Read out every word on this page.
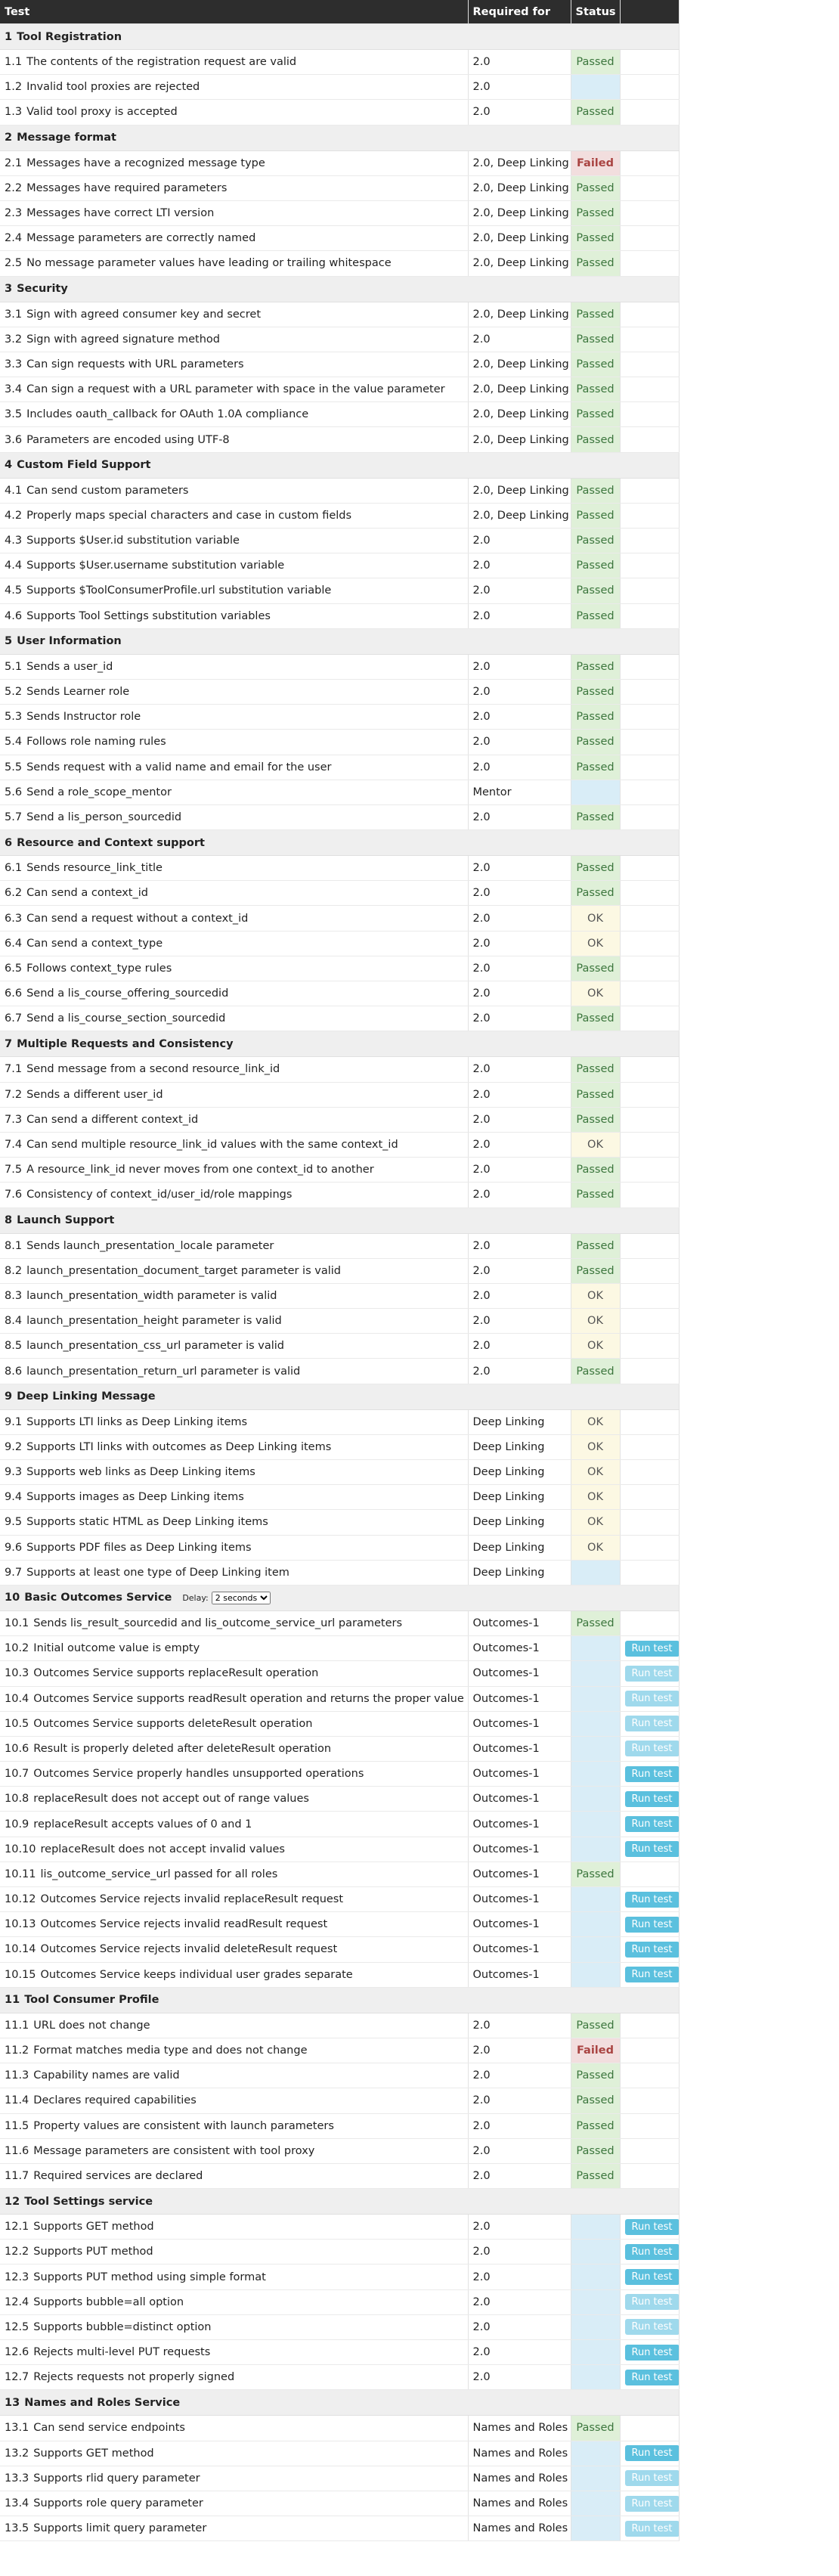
Test	Required for	Status	
1 Tool Registration			
1.1 The contents of the registration request are valid	2.0	Passed	
1.2 Invalid tool proxies are rejected	2.0		
1.3 Valid tool proxy is accepted	2.0	Passed	
2 Message format			
2.1 Messages have a recognized message type	2.0, Deep Linking	Failed	
2.2 Messages have required parameters	2.0, Deep Linking	Passed	
2.3 Messages have correct LTI version	2.0, Deep Linking	Passed	
2.4 Message parameters are correctly named	2.0, Deep Linking	Passed	
2.5 No message parameter values have leading or trailing whitespace	2.0, Deep Linking	Passed	
3 Security			
3.1 Sign with agreed consumer key and secret	2.0, Deep Linking	Passed	
3.2 Sign with agreed signature method	2.0	Passed	
3.3 Can sign requests with URL parameters	2.0, Deep Linking	Passed	
3.4 Can sign a request with a URL parameter with space in the value parameter	2.0, Deep Linking	Passed	
3.5 Includes oauth_callback for OAuth 1.0A compliance	2.0, Deep Linking	Passed	
3.6 Parameters are encoded using UTF-8	2.0, Deep Linking	Passed	
4 Custom Field Support			
4.1 Can send custom parameters	2.0, Deep Linking	Passed	
4.2 Properly maps special characters and case in custom fields	2.0, Deep Linking	Passed	
4.3 Supports $User.id substitution variable	2.0	Passed	
4.4 Supports $User.username substitution variable	2.0	Passed	
4.5 Supports $ToolConsumerProfile.url substitution variable	2.0	Passed	
4.6 Supports Tool Settings substitution variables	2.0	Passed	
5 User Information			
5.1 Sends a user_id	2.0	Passed	
5.2 Sends Learner role	2.0	Passed	
5.3 Sends Instructor role	2.0	Passed	
5.4 Follows role naming rules	2.0	Passed	
5.5 Sends request with a valid name and email for the user	2.0	Passed	
5.6 Send a role_scope_mentor	Mentor		
5.7 Send a lis_person_sourcedid	2.0	Passed	
6 Resource and Context support			
6.1 Sends resource_link_title	2.0	Passed	
6.2 Can send a context_id	2.0	Passed	
6.3 Can send a request without a context_id	2.0	OK	
6.4 Can send a context_type	2.0	OK	
6.5 Follows context_type rules	2.0	Passed	
6.6 Send a lis_course_offering_sourcedid	2.0	OK	
6.7 Send a lis_course_section_sourcedid	2.0	Passed	
7 Multiple Requests and Consistency			
7.1 Send message from a second resource_link_id	2.0	Passed	
7.2 Sends a different user_id	2.0	Passed	
7.3 Can send a different context_id	2.0	Passed	
7.4 Can send multiple resource_link_id values with the same context_id	2.0	OK	
7.5 A resource_link_id never moves from one context_id to another	2.0	Passed	
7.6 Consistency of context_id/user_id/role mappings	2.0	Passed	
8 Launch Support			
8.1 Sends launch_presentation_locale parameter	2.0	Passed	
8.2 launch_presentation_document_target parameter is valid	2.0	Passed	
8.3 launch_presentation_width parameter is valid	2.0	OK	
8.4 launch_presentation_height parameter is valid	2.0	OK	
8.5 launch_presentation_css_url parameter is valid	2.0	OK	
8.6 launch_presentation_return_url parameter is valid	2.0	Passed	
9 Deep Linking Message			
9.1 Supports LTI links as Deep Linking items	Deep Linking	OK	
9.2 Supports LTI links with outcomes as Deep Linking items	Deep Linking	OK	
9.3 Supports web links as Deep Linking items	Deep Linking	OK	
9.4 Supports images as Deep Linking items	Deep Linking	OK	
9.5 Supports static HTML as Deep Linking items	Deep Linking	OK	
9.6 Supports PDF files as Deep Linking items	Deep Linking	OK	
9.7 Supports at least one type of Deep Linking item	Deep Linking		
10 Basic Outcomes Service Delay:
2 seconds
10.1 Sends lis_result_sourcedid and lis_outcome_service_url parameters	Outcomes-1	Passed	
10.2 Initial outcome value is empty	Outcomes-1		Run test
10.3 Outcomes Service supports replaceResult operation	Outcomes-1		Run test
10.4 Outcomes Service supports readResult operation and returns the proper value	Outcomes-1		Run test
10.5 Outcomes Service supports deleteResult operation	Outcomes-1		Run test
10.6 Result is properly deleted after deleteResult operation	Outcomes-1		Run test
10.7 Outcomes Service properly handles unsupported operations	Outcomes-1		Run test
10.8 replaceResult does not accept out of range values	Outcomes-1		Run test
10.9 replaceResult accepts values of 0 and 1	Outcomes-1		Run test
10.10 replaceResult does not accept invalid values	Outcomes-1		Run test
10.11 lis_outcome_service_url passed for all roles	Outcomes-1	Passed	
10.12 Outcomes Service rejects invalid replaceResult request	Outcomes-1		Run test
10.13 Outcomes Service rejects invalid readResult request	Outcomes-1		Run test
10.14 Outcomes Service rejects invalid deleteResult request	Outcomes-1		Run test
10.15 Outcomes Service keeps individual user grades separate	Outcomes-1		Run test
11 Tool Consumer Profile			
11.1 URL does not change	2.0	Passed	
11.2 Format matches media type and does not change	2.0	Failed	
11.3 Capability names are valid	2.0	Passed	
11.4 Declares required capabilities	2.0	Passed	
11.5 Property values are consistent with launch parameters	2.0	Passed	
11.6 Message parameters are consistent with tool proxy	2.0	Passed	
11.7 Required services are declared	2.0	Passed	
12 Tool Settings service			
12.1 Supports GET method	2.0		Run test
12.2 Supports PUT method	2.0		Run test
12.3 Supports PUT method using simple format	2.0		Run test
12.4 Supports bubble=all option	2.0		Run test
12.5 Supports bubble=distinct option	2.0		Run test
12.6 Rejects multi-level PUT requests	2.0		Run test
12.7 Rejects requests not properly signed	2.0		Run test
13 Names and Roles Service			
13.1 Can send service endpoints	Names and Roles	Passed	
13.2 Supports GET method	Names and Roles		Run test
13.3 Supports rlid query parameter	Names and Roles		Run test
13.4 Supports role query parameter	Names and Roles		Run test
13.5 Supports limit query parameter	Names and Roles		Run test
